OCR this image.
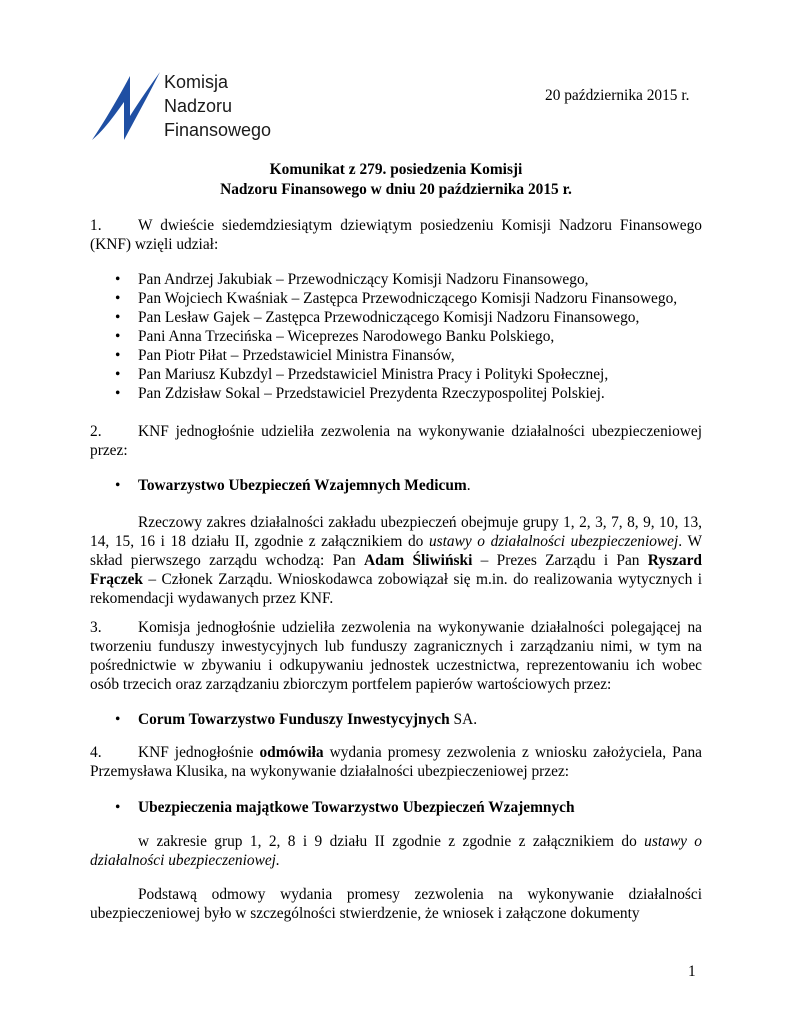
Komisja
Nadzoru
Finansowego
20 października 2015 r.
Komunikat z 279. posiedzenia Komisji
Nadzoru Finansowego w dniu 20 października 2015 r.
1. W dwieście siedemdziesiątym dziewiątym posiedzeniu Komisji Nadzoru Finansowego (KNF) wzięli udział:
• Pan Andrzej Jakubiak – Przewodniczący Komisji Nadzoru Finansowego,
• Pan Wojciech Kwaśniak – Zastępca Przewodniczącego Komisji Nadzoru Finansowego,
• Pan Lesław Gajek – Zastępca Przewodniczącego Komisji Nadzoru Finansowego,
• Pani Anna Trzecińska – Wiceprezes Narodowego Banku Polskiego,
• Pan Piotr Piłat – Przedstawiciel Ministra Finansów,
• Pan Mariusz Kubzdyl – Przedstawiciel Ministra Pracy i Polityki Społecznej,
• Pan Zdzisław Sokal – Przedstawiciel Prezydenta Rzeczypospolitej Polskiej.
2. KNF jednogłośnie udzieliła zezwolenia na wykonywanie działalności ubezpieczeniowej przez:
• Towarzystwo Ubezpieczeń Wzajemnych Medicum.
Rzeczowy zakres działalności zakładu ubezpieczeń obejmuje grupy 1, 2, 3, 7, 8, 9, 10, 13, 14, 15, 16 i 18 działu II, zgodnie z załącznikiem do ustawy o działalności ubezpieczeniowej. W skład pierwszego zarządu wchodzą: Pan Adam Śliwiński – Prezes Zarządu i Pan Ryszard Frączek – Członek Zarządu. Wnioskodawca zobowiązał się m.in. do realizowania wytycznych i rekomendacji wydawanych przez KNF.
3. Komisja jednogłośnie udzieliła zezwolenia na wykonywanie działalności polegającej na tworzeniu funduszy inwestycyjnych lub funduszy zagranicznych i zarządzaniu nimi, w tym na pośrednictwie w zbywaniu i odkupywaniu jednostek uczestnictwa, reprezentowaniu ich wobec osób trzecich oraz zarządzaniu zbiorczym portfelem papierów wartościowych przez:
• Corum Towarzystwo Funduszy Inwestycyjnych SA.
4. KNF jednogłośnie odmówiła wydania promesy zezwolenia z wniosku założyciela, Pana Przemysława Klusika, na wykonywanie działalności ubezpieczeniowej przez:
• Ubezpieczenia majątkowe Towarzystwo Ubezpieczeń Wzajemnych
w zakresie grup 1, 2, 8 i 9 działu II zgodnie z zgodnie z załącznikiem do ustawy o działalności ubezpieczeniowej.
Podstawą odmowy wydania promesy zezwolenia na wykonywanie działalności ubezpieczeniowej było w szczególności stwierdzenie, że wniosek i załączone dokumenty
1
